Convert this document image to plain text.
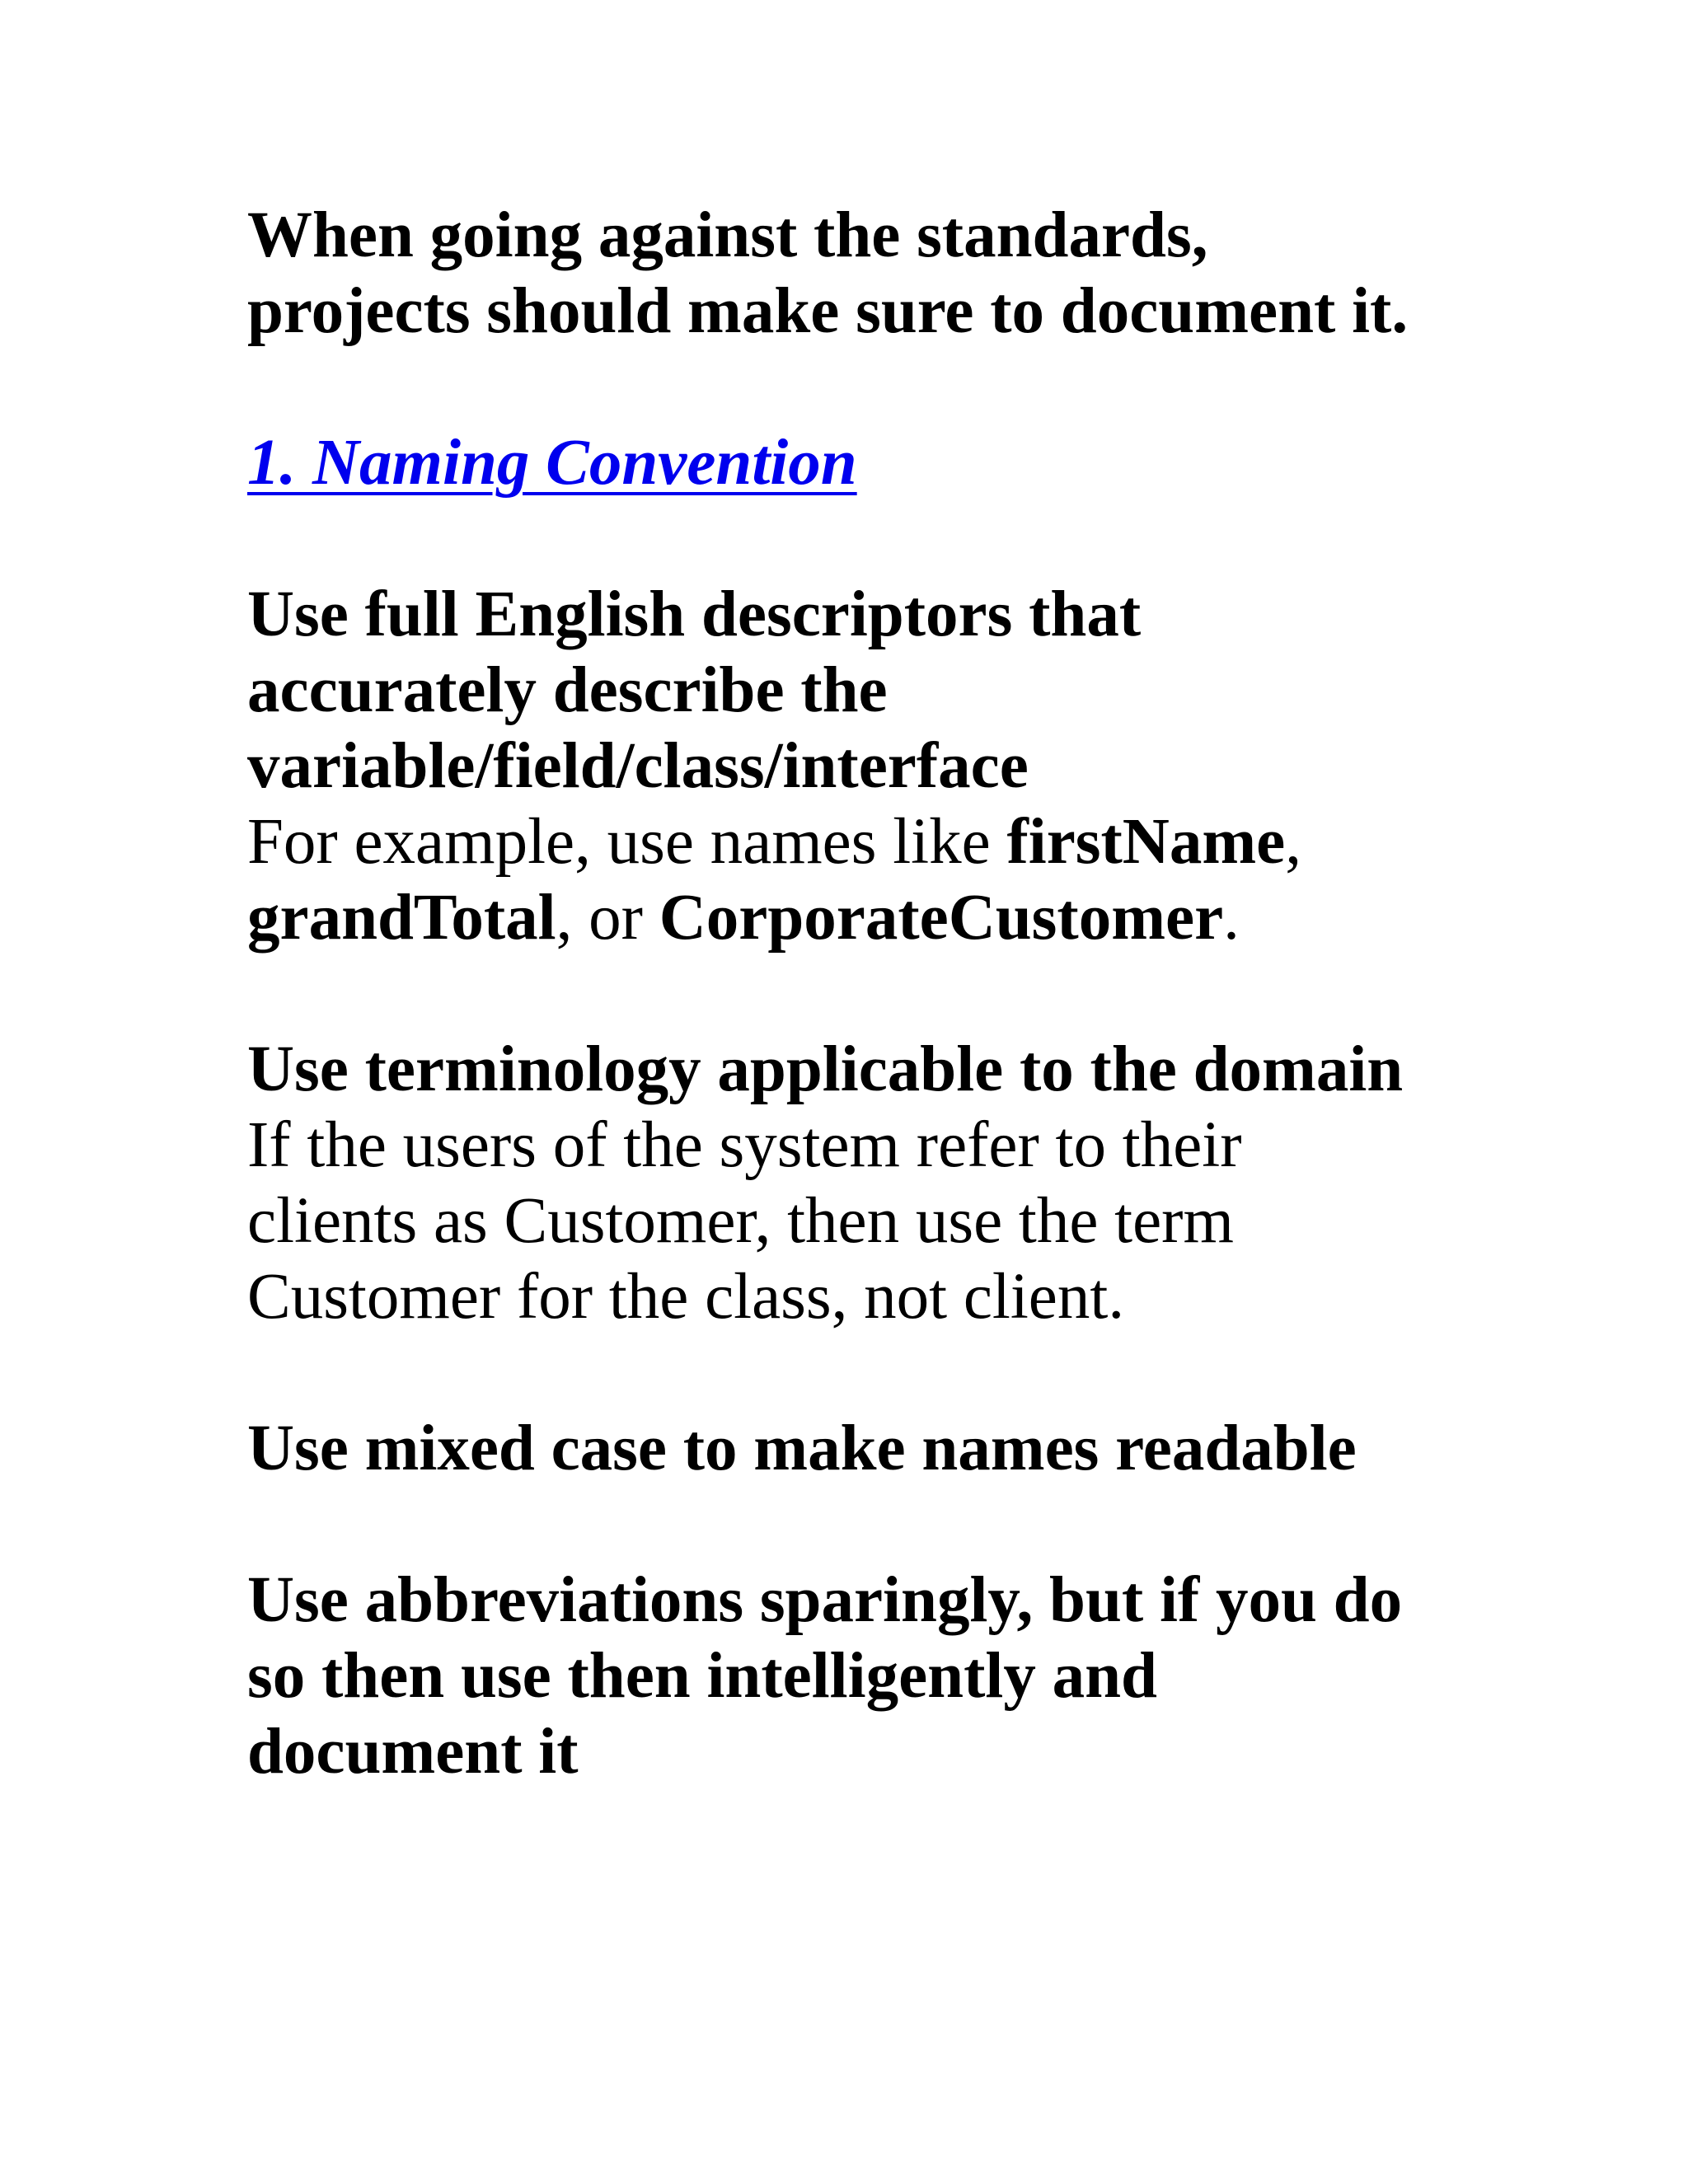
When going against the standards,
projects should make sure to document it.
1. Naming Convention
Use full English descriptors that
accurately describe the
variable/field/class/interface
For example, use names like firstName,
grandTotal, or CorporateCustomer.
Use terminology applicable to the domain
If the users of the system refer to their
clients as Customer, then use the term
Customer for the class, not client.
Use mixed case to make names readable
Use abbreviations sparingly, but if you do
so then use then intelligently and
document it
